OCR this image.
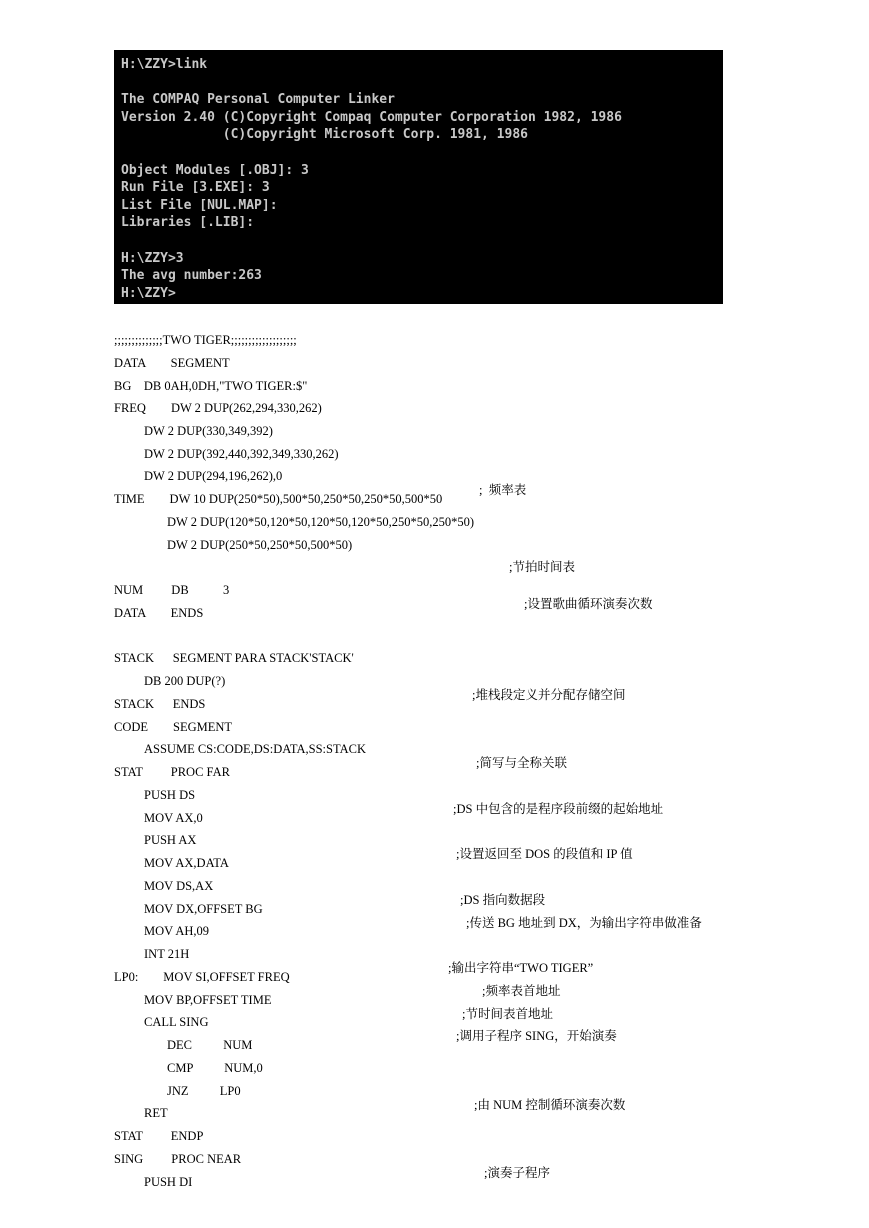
H:\ZZY>link
The COMPAQ Personal Computer Linker
Version 2.40 (C)Copyright Compaq Computer Corporation 1982, 1986
(C)Copyright Microsoft Corp. 1981, 1986
Object Modules [.OBJ]: 3
Run File [3.EXE]: 3
List File [NUL.MAP]:
Libraries [.LIB]:
H:\ZZY>3
The avg number:263
H:\ZZY>

;;;;;;;;;;;;;;TWO TIGER;;;;;;;;;;;;;;;;;;;

DATA        SEGMENT

BG    DB 0AH,0DH,"TWO TIGER:$"

FREQ        DW 2 DUP(262,294,330,262)

DW 2 DUP(330,349,392)

DW 2 DUP(392,440,392,349,330,262)

DW 2 DUP(294,196,262),0

;  频率表

TIME        DW 10 DUP(250*50),500*50,250*50,250*50,500*50

DW 2 DUP(120*50,120*50,120*50,120*50,250*50,250*50)

DW 2 DUP(250*50,250*50,500*50)

;节拍时间表

NUM         DB           3

;设置歌曲循环演奏次数

DATA        ENDS

STACK      SEGMENT PARA STACK'STACK'

DB 200 DUP(?)

;堆栈段定义并分配存储空间

STACK      ENDS

CODE        SEGMENT

ASSUME CS:CODE,DS:DATA,SS:STACK

;简写与全称关联

STAT         PROC FAR

PUSH DS

;DS 中包含的是程序段前缀的起始地址

MOV AX,0

PUSH AX

;设置返回至 DOS 的段值和 IP 值

MOV AX,DATA

MOV DS,AX

;DS 指向数据段

MOV DX,OFFSET BG

;传送 BG 地址到 DX，为输出字符串做准备

MOV AH,09

INT 21H

;输出字符串“TWO TIGER”

LP0:        MOV SI,OFFSET FREQ

;频率表首地址

MOV BP,OFFSET TIME

;节时间表首地址

CALL SING

;调用子程序 SING，开始演奏

DEC          NUM

CMP          NUM,0

JNZ          LP0

;由 NUM 控制循环演奏次数

RET

STAT         ENDP

SING         PROC NEAR

;演奏子程序

PUSH DI
